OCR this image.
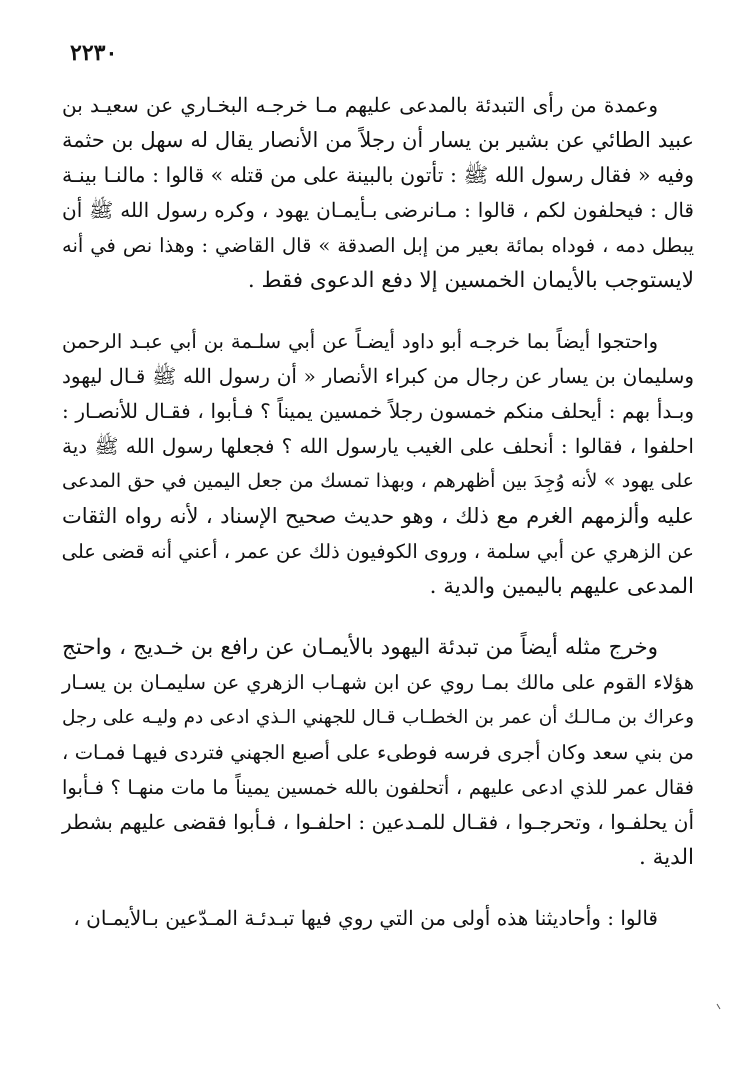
٢٢٣٠
وعمدة من رأى التبدئة بالمدعى عليهم مـا خرجـه البخـاري عن سعيـد بن
عبيد الطائي عن بشير بن يسار أن رجلاً من الأنصار يقال له سهل بن حثمة
وفيه « فقال رسول الله ﷺ : تأتون بالبينة على من قتله » قالوا : مالنـا بينـة
قال : فيحلفون لكم ، قالوا : مـانرضى بـأيمـان يهود ، وكره رسول الله ﷺ أن
يبطل دمه ، فوداه بمائة بعير من إبل الصدقة » قال القاضي : وهذا نص في أنه
لايستوجب بالأيمان الخمسين إلا دفع الدعوى فقط .
واحتجوا أيضاً بما خرجـه أبو داود أيضـاً عن أبي سلـمة بن أبي عبـد الرحمن
وسليمان بن يسار عن رجال من كبراء الأنصار « أن رسول الله ﷺ قـال ليهود
وبـدأ بهم : أيحلف منكم خمسون رجلاً خمسين يميناً ؟ فـأبوا ، فقـال للأنصـار :
احلفوا ، فقالوا : أنحلف على الغيب يارسول الله ؟ فجعلها رسول الله ﷺ دية
على يهود » لأنه وُجِدَ بين أظهرهم ، وبهذا تمسك من جعل اليمين في حق المدعى
عليه وألزمهم الغرم مع ذلك ، وهو حديث صحيح الإسناد ، لأنه رواه الثقات
عن الزهري عن أبي سلمة ، وروى الكوفيون ذلك عن عمر ، أعني أنه قضى على
المدعى عليهم باليمين والدية .
وخرج مثله أيضاً من تبدئة اليهود بالأيمـان عن رافع بن خـديج ، واحتج
هؤلاء القوم على مالك بمـا روي عن ابن شهـاب الزهري عن سليمـان بن يسـار
وعراك بن مـالـك أن عمر بن الخطـاب قـال للجهني الـذي ادعى دم وليـه على رجل
من بني سعد وكان أجرى فرسه فوطىء على أصبع الجهني فتردى فيهـا فمـات ،
فقال عمر للذي ادعى عليهم ، أتحلفون بالله خمسين يميناً ما مات منهـا ؟ فـأبوا
أن يحلفـوا ، وتحرجـوا ، فقـال للمـدعين : احلفـوا ، فـأبوا فقضى عليهم بشطر
الدية .
قالوا : وأحاديثنا هذه أولى من التي روي فيها تبـدئـة المـدّعين بـالأيمـان ،
